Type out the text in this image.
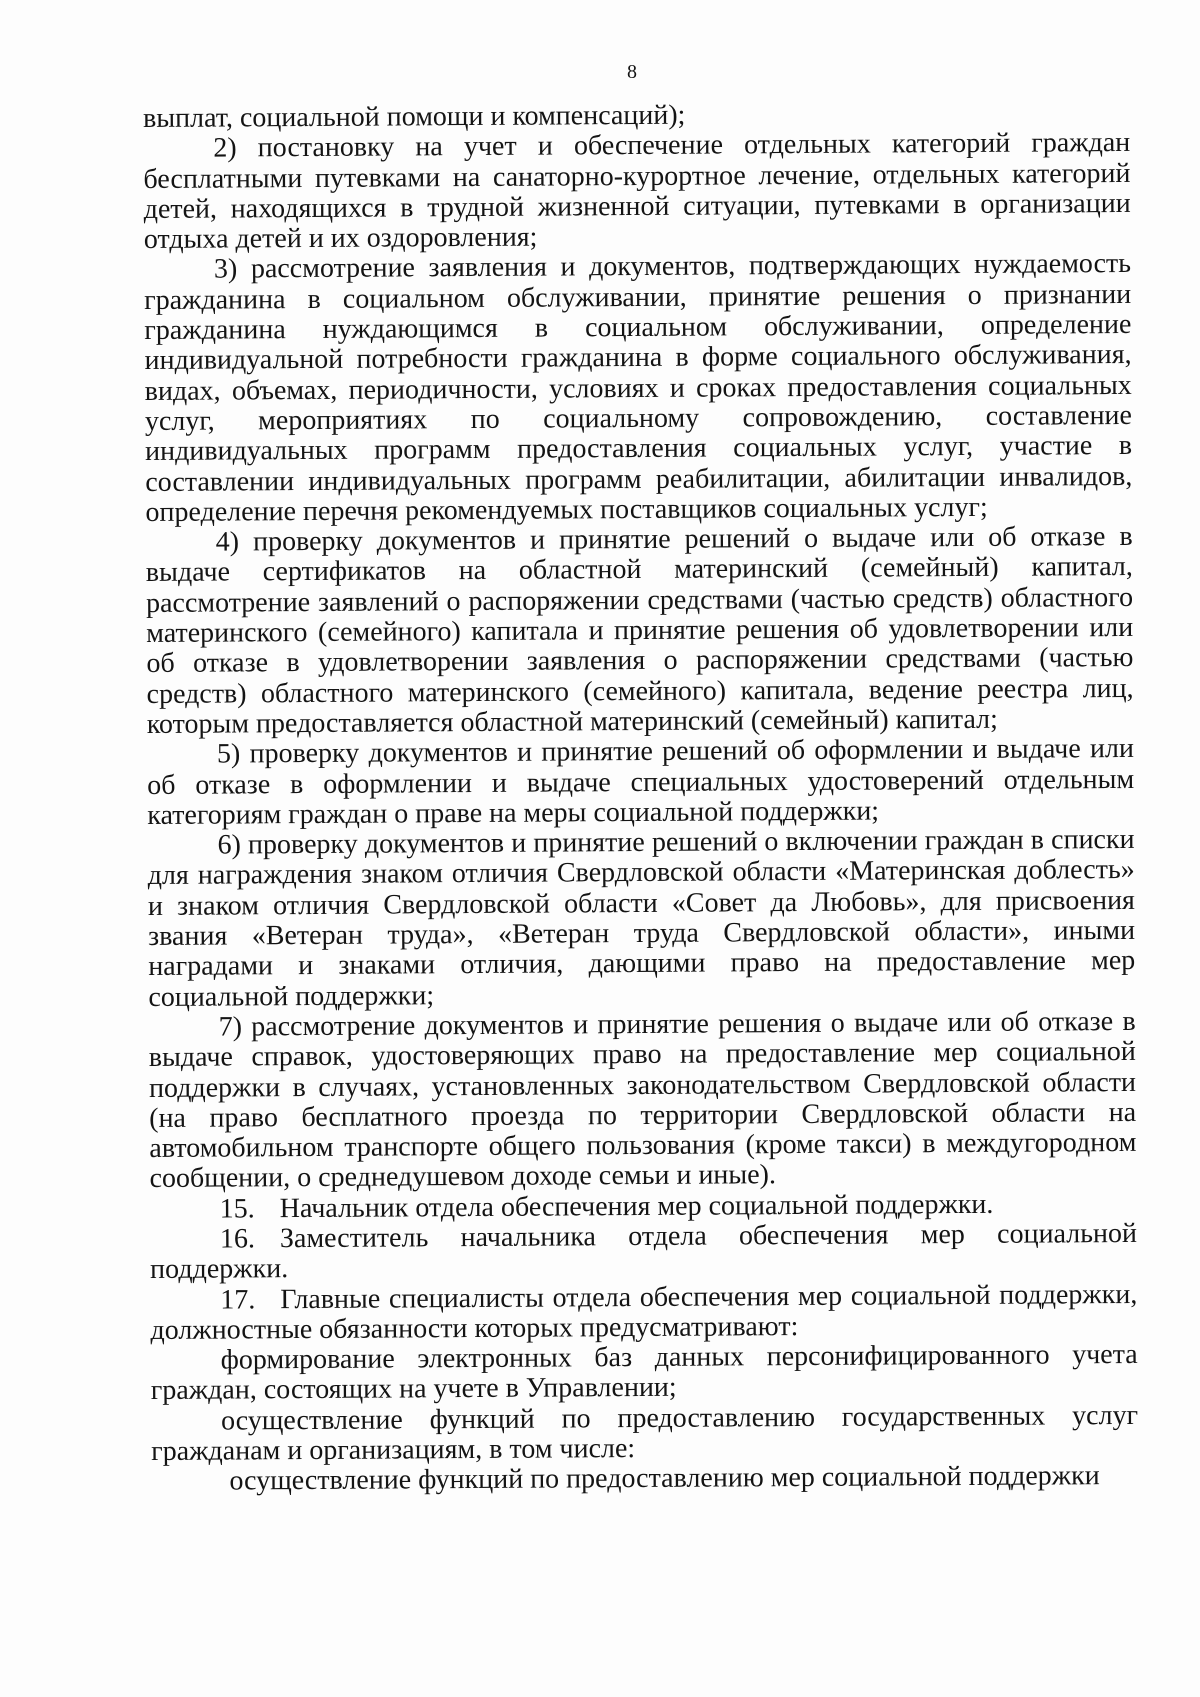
8

выплат, социальной помощи и компенсаций);

2) постановку на учет и обеспечение отдельных категорий граждан бесплатными путевками на санаторно-курортное лечение, отдельных категорий детей, находящихся в трудной жизненной ситуации, путевками в организации отдыха детей и их оздоровления;

3) рассмотрение заявления и документов, подтверждающих нуждаемость гражданина в социальном обслуживании, принятие решения о признании гражданина нуждающимся в социальном обслуживании, определение индивидуальной потребности гражданина в форме социального обслуживания, видах, объемах, периодичности, условиях и сроках предоставления социальных услуг, мероприятиях по социальному сопровождению, составление индивидуальных программ предоставления социальных услуг, участие в составлении индивидуальных программ реабилитации, абилитации инвалидов, определение перечня рекомендуемых поставщиков социальных услуг;

4) проверку документов и принятие решений о выдаче или об отказе в выдаче сертификатов на областной материнский (семейный) капитал, рассмотрение заявлений о распоряжении средствами (частью средств) областного материнского (семейного) капитала и принятие решения об удовлетворении или об отказе в удовлетворении заявления о распоряжении средствами (частью средств) областного материнского (семейного) капитала, ведение реестра лиц, которым предоставляется областной материнский (семейный) капитал;

5) проверку документов и принятие решений об оформлении и выдаче или об отказе в оформлении и выдаче специальных удостоверений отдельным категориям граждан о праве на меры социальной поддержки;

6) проверку документов и принятие решений о включении граждан в списки для награждения знаком отличия Свердловской области «Материнская доблесть» и знаком отличия Свердловской области «Совет да Любовь», для присвоения звания «Ветеран труда», «Ветеран труда Свердловской области», иными наградами и знаками отличия, дающими право на предоставление мер социальной поддержки;

7) рассмотрение документов и принятие решения о выдаче или об отказе в выдаче справок, удостоверяющих право на предоставление мер социальной поддержки в случаях, установленных законодательством Свердловской области (на право бесплатного проезда по территории Свердловской области на автомобильном транспорте общего пользования (кроме такси) в междугородном сообщении, о среднедушевом доходе семьи и иные).

15. Начальник отдела обеспечения мер социальной поддержки.

16. Заместитель начальника отдела обеспечения мер социальной поддержки.

17. Главные специалисты отдела обеспечения мер социальной поддержки, должностные обязанности которых предусматривают:

формирование электронных баз данных персонифицированного учета граждан, состоящих на учете в Управлении;

осуществление функций по предоставлению государственных услуг гражданам и организациям, в том числе:

осуществление функций по предоставлению мер социальной поддержки
